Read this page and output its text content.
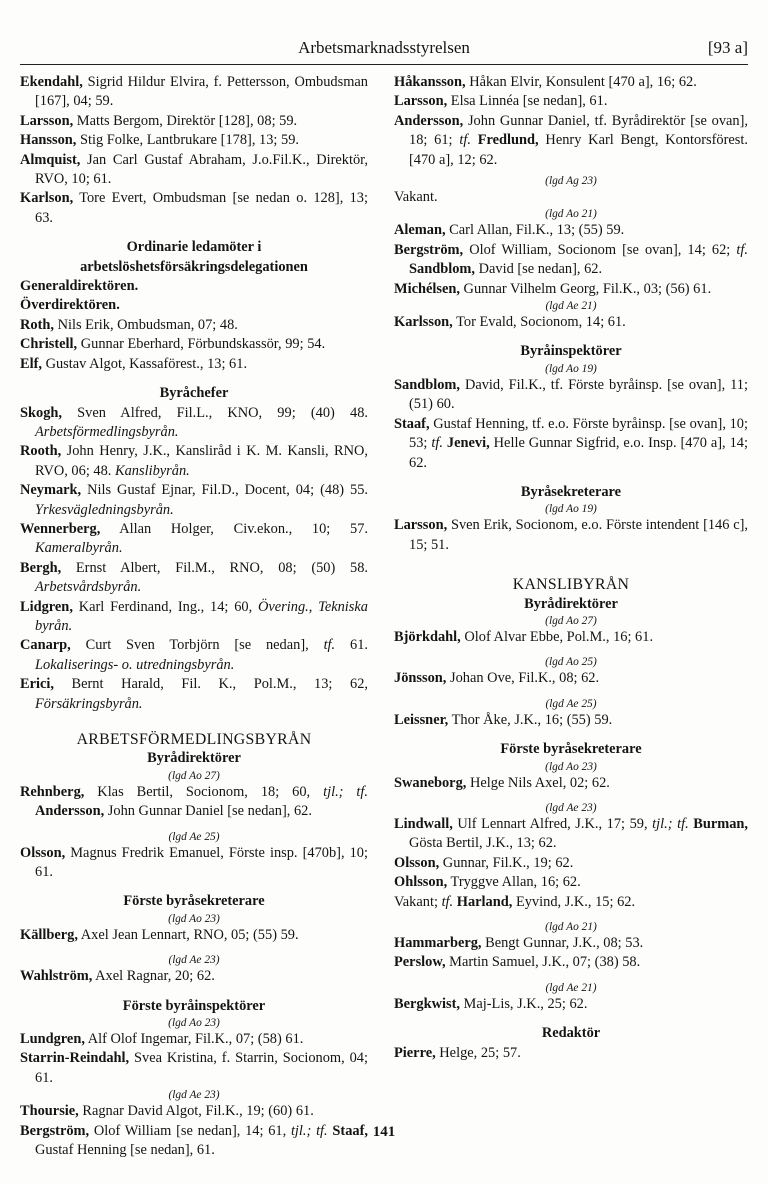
Arbetsmarknadsstyrelsen	[93 a]

Ekendahl, Sigrid Hildur Elvira, f. Pettersson, Ombudsman [167], 04; 59.

Larsson, Matts Bergom, Direktör [128], 08; 59.

Hansson, Stig Folke, Lantbrukare [178], 13; 59.

Almquist, Jan Carl Gustaf Abraham, J.o.Fil.K., Direktör, RVO, 10; 61.

Karlson, Tore Evert, Ombudsman [se nedan o. 128], 13; 63.

Ordinarie ledamöter i arbetslöshetsförsäkringsdelegationen

Generaldirektören.

Överdirektören.

Roth, Nils Erik, Ombudsman, 07; 48.

Christell, Gunnar Eberhard, Förbundskassör, 99; 54.

Elf, Gustav Algot, Kassaförest., 13; 61.

Byråchefer

Skogh, Sven Alfred, Fil.L., KNO, 99; (40) 48. Arbetsförmedlingsbyrån.

Rooth, John Henry, J.K., Kansliråd i K. M. Kansli, RNO, RVO, 06; 48. Kanslibyrån.

Neymark, Nils Gustaf Ejnar, Fil.D., Docent, 04; (48) 55. Yrkesvägledningsbyrån.

Wennerberg, Allan Holger, Civ.ekon., 10; 57. Kameralbyrån.

Bergh, Ernst Albert, Fil.M., RNO, 08; (50) 58. Arbetsvårdsbyrån.

Lidgren, Karl Ferdinand, Ing., 14; 60, Övering., Tekniska byrån.

Canarp, Curt Sven Torbjörn [se nedan], tf. 61. Lokaliserings- o. utredningsbyrån.

Erici, Bernt Harald, Fil. K., Pol.M., 13; 62, Försäkringsbyrån.

ARBETSFÖRMEDLINGSBYRÅN

Byrådirektörer

(lgd Ao 27)

Rehnberg, Klas Bertil, Socionom, 18; 60, tjl.; tf. Andersson, John Gunnar Daniel [se nedan], 62.

(lgd Ae 25)

Olsson, Magnus Fredrik Emanuel, Förste insp. [470b], 10; 61.

Förste byråsekreterare

(lgd Ao 23)

Källberg, Axel Jean Lennart, RNO, 05; (55) 59.

(lgd Ae 23)

Wahlström, Axel Ragnar, 20; 62.

Förste byråinspektörer

(lgd Ao 23)

Lundgren, Alf Olof Ingemar, Fil.K., 07; (58) 61.

Starrin-Reindahl, Svea Kristina, f. Starrin, Socionom, 04; 61.

(lgd Ae 23)

Thoursie, Ragnar David Algot, Fil.K., 19; (60) 61.

Bergström, Olof William [se nedan], 14; 61, tjl.; tf. Staaf, Gustaf Henning [se nedan], 61.

Håkansson, Håkan Elvir, Konsulent [470 a], 16; 62.

Larsson, Elsa Linnéa [se nedan], 61.

Andersson, John Gunnar Daniel, tf. Byrådirektör [se ovan], 18; 61; tf. Fredlund, Henry Karl Bengt, Kontorsförest. [470 a], 12; 62.

(lgd Ag 23)

Vakant.

(lgd Ao 21)

Aleman, Carl Allan, Fil.K., 13; (55) 59.

Bergström, Olof William, Socionom [se ovan], 14; 62; tf. Sandblom, David [se nedan], 62.

Michélsen, Gunnar Vilhelm Georg, Fil.K., 03; (56) 61.

(lgd Ae 21)

Karlsson, Tor Evald, Socionom, 14; 61.

Byråinspektörer

(lgd Ao 19)

Sandblom, David, Fil.K., tf. Förste byråinsp. [se ovan], 11; (51) 60.

Staaf, Gustaf Henning, tf. e.o. Förste byråinsp. [se ovan], 10; 53; tf. Jenevi, Helle Gunnar Sigfrid, e.o. Insp. [470 a], 14; 62.

Byråsekreterare

(lgd Ao 19)

Larsson, Sven Erik, Socionom, e.o. Förste intendent [146 c], 15; 51.

KANSLIBYRÅN

Byrådirektörer

(lgd Ao 27)

Björkdahl, Olof Alvar Ebbe, Pol.M., 16; 61.

(lgd Ao 25)

Jönsson, Johan Ove, Fil.K., 08; 62.

(lgd Ae 25)

Leissner, Thor Åke, J.K., 16; (55) 59.

Förste byråsekreterare

(lgd Ao 23)

Swaneborg, Helge Nils Axel, 02; 62.

(lgd Ae 23)

Lindwall, Ulf Lennart Alfred, J.K., 17; 59, tjl.; tf. Burman, Gösta Bertil, J.K., 13; 62.

Olsson, Gunnar, Fil.K., 19; 62.

Ohlsson, Tryggve Allan, 16; 62.

Vakant; tf. Harland, Eyvind, J.K., 15; 62.

(lgd Ao 21)

Hammarberg, Bengt Gunnar, J.K., 08; 53.

Perslow, Martin Samuel, J.K., 07; (38) 58.

(lgd Ae 21)

Bergkwist, Maj-Lis, J.K., 25; 62.

Redaktör

Pierre, Helge, 25; 57.

141
